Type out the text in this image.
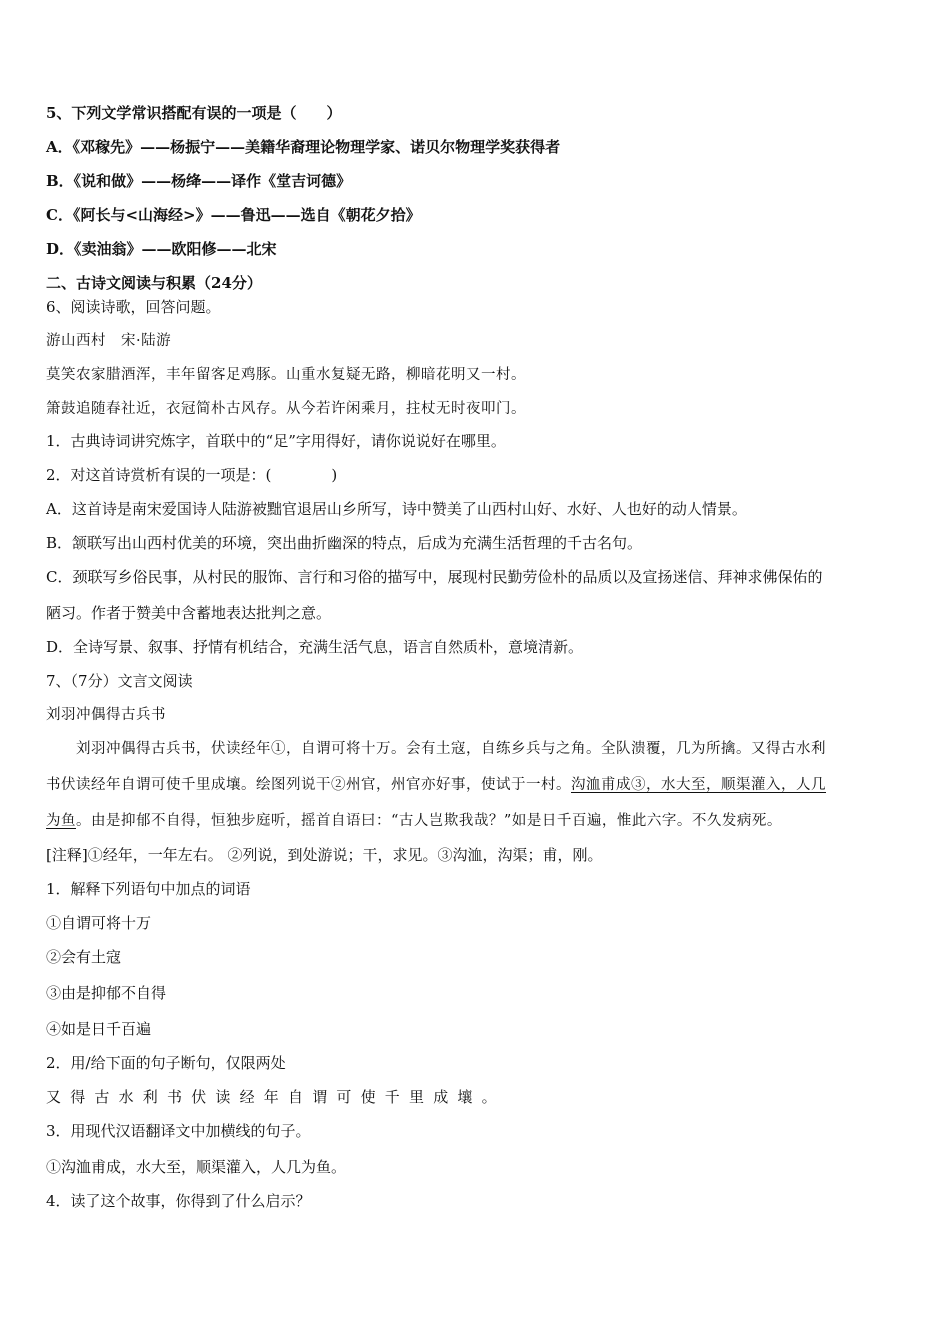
5、下列文学常识搭配有误的一项是（　　）
A．《邓稼先》——杨振宁——美籍华裔理论物理学家、诺贝尔物理学奖获得者
B．《说和做》——杨绛——译作《堂吉诃德》
C．《阿长与<山海经>》——鲁迅——选自《朝花夕拾》
D．《卖油翁》——欧阳修——北宋
二、古诗文阅读与积累（24分）
6、阅读诗歌，回答问题。
游山西村　宋·陆游
莫笑农家腊酒浑，丰年留客足鸡豚。山重水复疑无路，柳暗花明又一村。
箫鼓追随春社近，衣冠简朴古风存。从今若许闲乘月，拄杖无时夜叩门。
1．古典诗词讲究炼字，首联中的“足”字用得好，请你说说好在哪里。
2．对这首诗赏析有误的一项是：(　　　　)
A．这首诗是南宋爱国诗人陆游被黜官退居山乡所写，诗中赞美了山西村山好、水好、人也好的动人情景。
B．颔联写出山西村优美的环境，突出曲折幽深的特点，后成为充满生活哲理的千古名句。
C．颈联写乡俗民事，从村民的服饰、言行和习俗的描写中，展现村民勤劳俭朴的品质以及宣扬迷信、拜神求佛保佑的
陋习。作者于赞美中含蓄地表达批判之意。
D．全诗写景、叙事、抒情有机结合，充满生活气息，语言自然质朴，意境清新。
7、（7分）文言文阅读
刘羽冲偶得古兵书
刘羽冲偶得古兵书，伏读经年①，自谓可将十万。会有土寇，自练乡兵与之角。全队溃覆，几为所擒。又得古水利
书伏读经年自谓可使千里成壤。绘图列说干②州官，州官亦好事，使试于一村。沟洫甫成③，水大至，顺渠灌入，人几
为鱼。由是抑郁不自得，恒独步庭听，摇首自语曰：“古人岂欺我哉？”如是日千百遍，惟此六字。不久发病死。
[注释]①经年，一年左右。 ②列说，到处游说；干，求见。③沟洫，沟渠；甫，刚。
1．解释下列语句中加点的词语
①自谓可将十万
②会有土寇
③由是抑郁不自得
④如是日千百遍
2．用/给下面的句子断句，仅限两处
又得古水利书伏读经年自谓可使千里成壤。
3．用现代汉语翻译文中加横线的句子。
①沟洫甫成，水大至，顺渠灌入，人几为鱼。
4．读了这个故事，你得到了什么启示？
